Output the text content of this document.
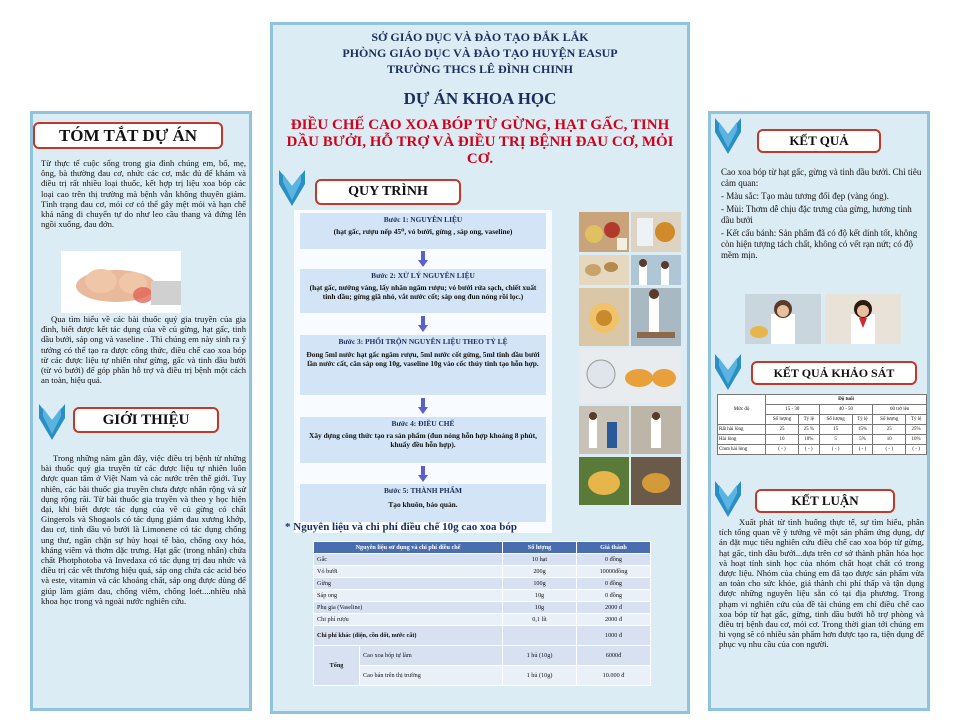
TÓM TẮT DỰ ÁN
Từ thực tế cuộc sống trong gia đình chúng em, bố, mẹ, ông, bà thường đau cơ, nhức các cơ, mắc đủ để khám và điều trị rất nhiều loại thuốc, kết hợp trị liệu xoa bóp các loại cao trên thị trường mà bệnh vẫn không thuyên giảm. Tình trạng đau cơ, mỏi cơ có thể gây mệt mỏi và hạn chế khả năng di chuyển tự do như leo cầu thang và đứng lên ngồi xuống, đau đớn.
Qua tìm hiểu về các bài thuốc quý gia truyền của gia đình, biết được kết tác dụng của về củ gừng, hạt gấc, tinh dầu bưởi, sáp ong và vaseline . Thì chúng em này sinh ra ý tưởng có thể tạo ra được công thức, điều chế cao xoa bóp từ các được liệu tự nhiên như gừng, gấc và tinh dầu bưởi (từ vỏ bưởi) để góp phần hỗ trợ và điều trị bệnh một cách an toàn, hiệu quả.
GIỚI THIỆU
Trong những năm gần đây, việc điều trị bệnh từ những bài thuốc quý gia truyền từ các được liệu tự nhiên luôn được quan tâm ở Việt Nam và các nước trên thế giới. Tuy nhiên, các bài thuốc gia truyền chưa được nhân rộng và sử dụng rộng rãi. Từ bài thuốc gia truyền và theo y học hiện đại, khi biết được tác dụng của về củ gừng có chất Gingerols và Shogaols có tác dụng giảm đau xương khớp, đau cơ, tinh dầu vỏ bưởi là Limonene có tác dụng chống ung thư, ngăn chặn sự hủy hoại tế bào, chống oxy hóa, kháng viêm và thơm dặc trưng. Hạt gấc (trong nhân) chứa chất Photphotoba và Invedaxa có tác dụng trị đau nhức và điều trị các vết thương hiệu quả, sáp ong chứa các acid béo và este, vitamin và các khoáng chất, sáp ong được dùng để giúp làm giảm đau, chống viêm, chống loét....nhiều nhà khoa học trong và ngoài nước nghiên cứu.
SỞ GIÁO DỤC VÀ ĐÀO TẠO ĐẮK LẮK
PHÒNG GIÁO DỤC VÀ ĐÀO TẠO HUYỆN EASUP
TRƯỜNG THCS LÊ ĐÌNH CHINH
DỰ ÁN KHOA HỌC
ĐIỀU CHẾ CAO XOA BÓP TỪ GỪNG, HẠT GẤC, TINH DẦU BƯỞI, HỖ TRỢ VÀ ĐIỀU TRỊ BỆNH ĐAU CƠ, MỎI CƠ.
QUY TRÌNH
Bước 1: NGUYÊN LIỆU
(hạt gấc, rượu nếp 45⁰, vỏ bưởi, gừng , sáp ong, vaseline)
Bước 2: XỬ LÝ NGUYÊN LIỆU
(hạt gấc, nướng vàng, lấy nhân ngâm rượu; vỏ bưởi rửa sạch, chiết xuất tinh dầu; gừng giã nhỏ, vắt nước cốt; sáp ong đun nóng rồi lọc.)
Bước 3: PHỐI TRỘN NGUYÊN LIỆU THEO TỶ LỆ
Đong 5ml nước hạt gấc ngâm rượu, 5ml nước cốt gừng, 5ml tinh dầu bưởi lần nước cất, cân sáp ong 10g, vaseline 10g vào cốc thủy tinh tạo hỗn hợp.
Bước 4: ĐIỀU CHẾ
Xây dựng công thức tạo ra sản phẩm (đun nóng hỗn hợp khoảng 8 phút, khuấy đều hỗn hợp).
Bước 5: THÀNH PHẨM
Tạo khuôn, bảo quản.
* Nguyên liệu và chi phí điều chế 10g cao xoa bóp
Nguyên liệu sử dụng và chi phí điều chế		Số lượng	Giá thành
Gấc		10 hạt	0 đồng
Vỏ bưởi		200g	10000đồng
Gừng		100g	0 đồng
Sáp ong		10g	0 đồng
Phụ gia (Vaseline)		10g	2000 đ
Chi phí rượu		0,1 lít	2000 đ
Chi phí khác (điện, cồn đốt, nước cất)			1000 đ
Tổng	Cao xoa bóp tự làm	1 hủ (10g)	6000đ
	Cao bán trên thị trường	1 hủ (10g)	10.000 đ
KẾT QUẢ

Cao xoa bóp từ hạt gấc, gừng và tinh dầu bưởi. Chỉ tiêu cảm quan:

- Màu sắc: Tạo màu tương đối đẹp (vàng óng).

- Mùi: Thơm dễ chịu đặc trưng của gừng, hương tinh dầu bưởi

- Kết cấu bánh: Sản phẩm đã có độ kết dính tốt, không còn hiện tượng tách chất, không có vết rạn nứt; có độ mềm mịn.

KẾT QUẢ KHẢO SÁT
Mức độ	Độ tuổi					
	15 - 30		40 - 50		60 trở lên	
	Số lượng	Tỷ lệ	Số lượng	Tỷ lệ	Số lượng	Tỷ lệ
Rất hài lòng	25	25 %	15	15%	25	25%
Hài lòng	10	10%	5	5%	10	10%
Chưa hài lòng	( - )	( - )	( - )	( - )	( - )	( - )
KẾT LUẬN
Xuất phát từ tình huống thực tế, sự tìm hiểu, phân tích tổng quan về ý tưởng về một sản phẩm ứng dụng, dự án đặt mục tiêu nghiên cứu điều chế cao xoa bóp từ gừng, hạt gấc, tinh dầu bưởi...dựa trên cơ sở thành phần hóa học và hoạt tính sinh học của nhóm chất hoạt chất có trong được liệu. Nhóm của chúng em đã tạo được sản phẩm vừa an toàn cho sức khỏe, giá thành chi phí thấp và tận dụng được những nguyên liệu sẵn có tại địa phương. Trong phạm vi nghiên cứu của đề tài chúng em chỉ điều chế cao xoa bóp từ hạt gấc, gừng, tinh dầu bưởi hỗ trợ phòng và điều trị bệnh đau cơ, mỏi cơ. Trong thời gian tới chúng em hi vọng sẽ có nhiều sản phẩm hơn được tạo ra, tiện dụng để phục vụ nhu cầu của con người.
